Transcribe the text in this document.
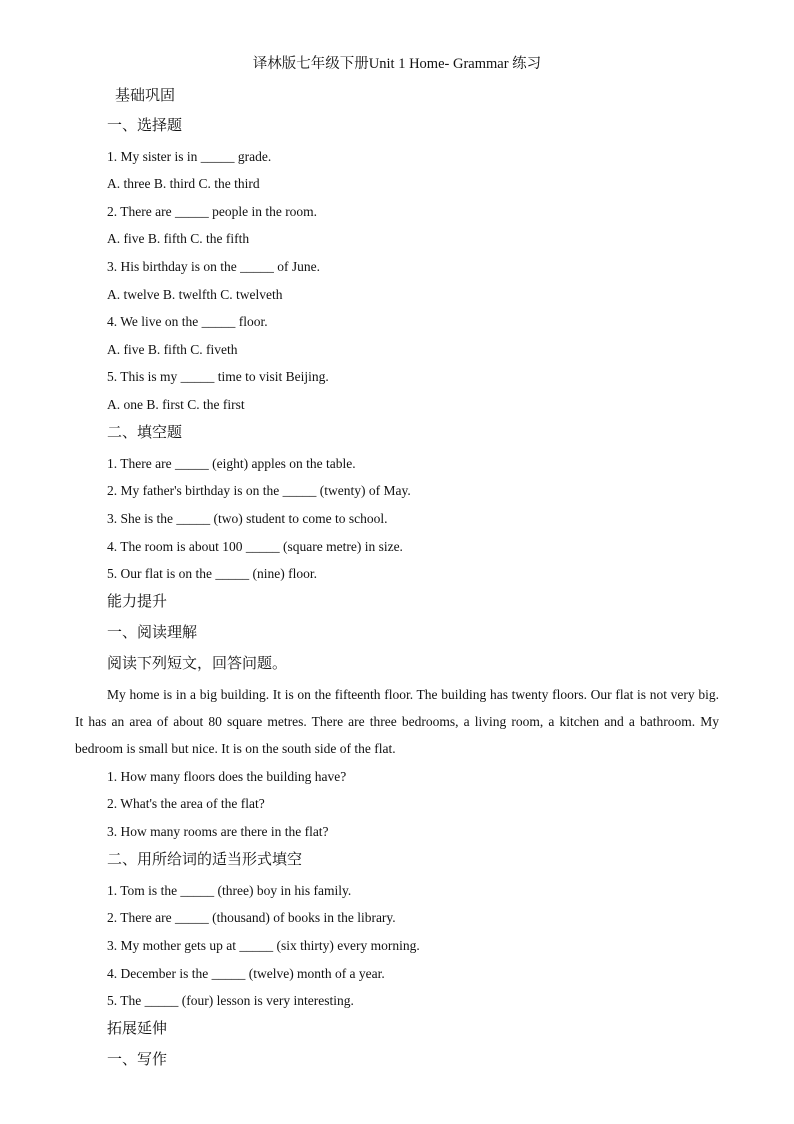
译林版七年级下册Unit 1 Home- Grammar 练习
基础巩固
一、选择题
1. My sister is in _____ grade.
A. three B. third C. the third
2. There are _____ people in the room.
A. five B. fifth C. the fifth
3. His birthday is on the _____ of June.
A. twelve B. twelfth C. twelveth
4. We live on the _____ floor.
A. five B. fifth C. fiveth
5. This is my _____ time to visit Beijing.
A. one B. first C. the first
二、填空题
1. There are _____ (eight) apples on the table.
2. My father's birthday is on the _____ (twenty) of May.
3. She is the _____ (two) student to come to school.
4. The room is about 100 _____ (square metre) in size.
5. Our flat is on the _____ (nine) floor.
能力提升
一、阅读理解
阅读下列短文，回答问题。
My home is in a big building. It is on the fifteenth floor. The building has twenty floors. Our flat is not very big. It has an area of about 80 square metres. There are three bedrooms, a living room, a kitchen and a bathroom. My bedroom is small but nice. It is on the south side of the flat.
1. How many floors does the building have?
2. What's the area of the flat?
3. How many rooms are there in the flat?
二、用所给词的适当形式填空
1. Tom is the _____ (three) boy in his family.
2. There are _____ (thousand) of books in the library.
3. My mother gets up at _____ (six thirty) every morning.
4. December is the _____ (twelve) month of a year.
5. The _____ (four) lesson is very interesting.
拓展延伸
一、写作
